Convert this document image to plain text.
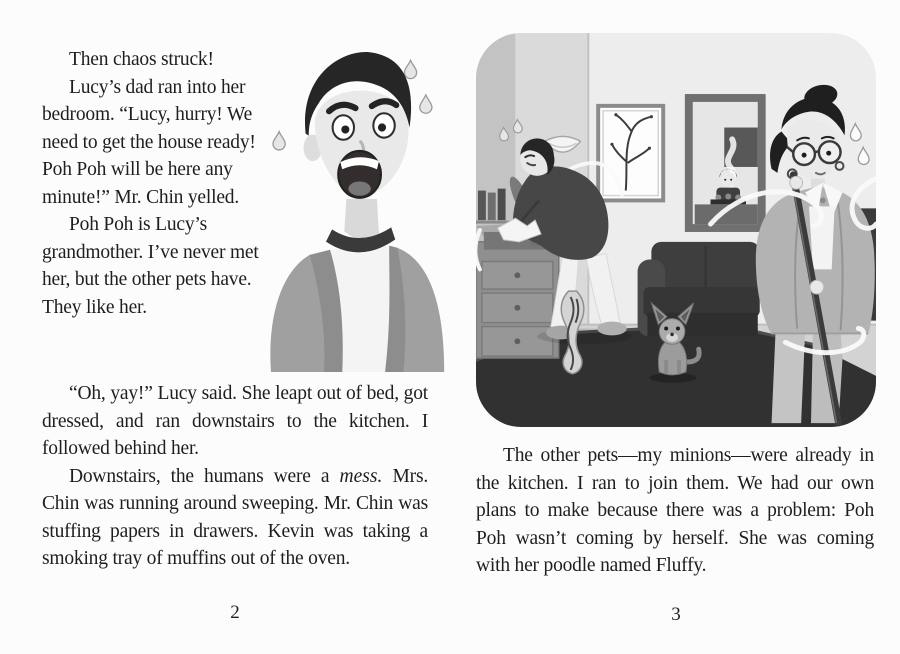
Then chaos struck!

Lucy’s dad ran into her bedroom. “Lucy, hurry! We need to get the house ready! Poh Poh will be here any minute!” Mr. Chin yelled.

Poh Poh is Lucy’s grandmother. I’ve never met her, but the other pets have. They like her.

“Oh, yay!” Lucy said. She leapt out of bed, got dressed, and ran downstairs to the kitchen. I followed behind her.

Downstairs, the humans were a mess. Mrs. Chin was running around sweeping. Mr. Chin was stuffing papers in drawers. Kevin was taking a smoking tray of muffins out of the oven.

2

The other pets—my minions—were already in the kitchen. I ran to join them. We had our own plans to make because there was a problem: Poh Poh wasn’t coming by herself. She was coming with her poodle named Fluffy.

3
